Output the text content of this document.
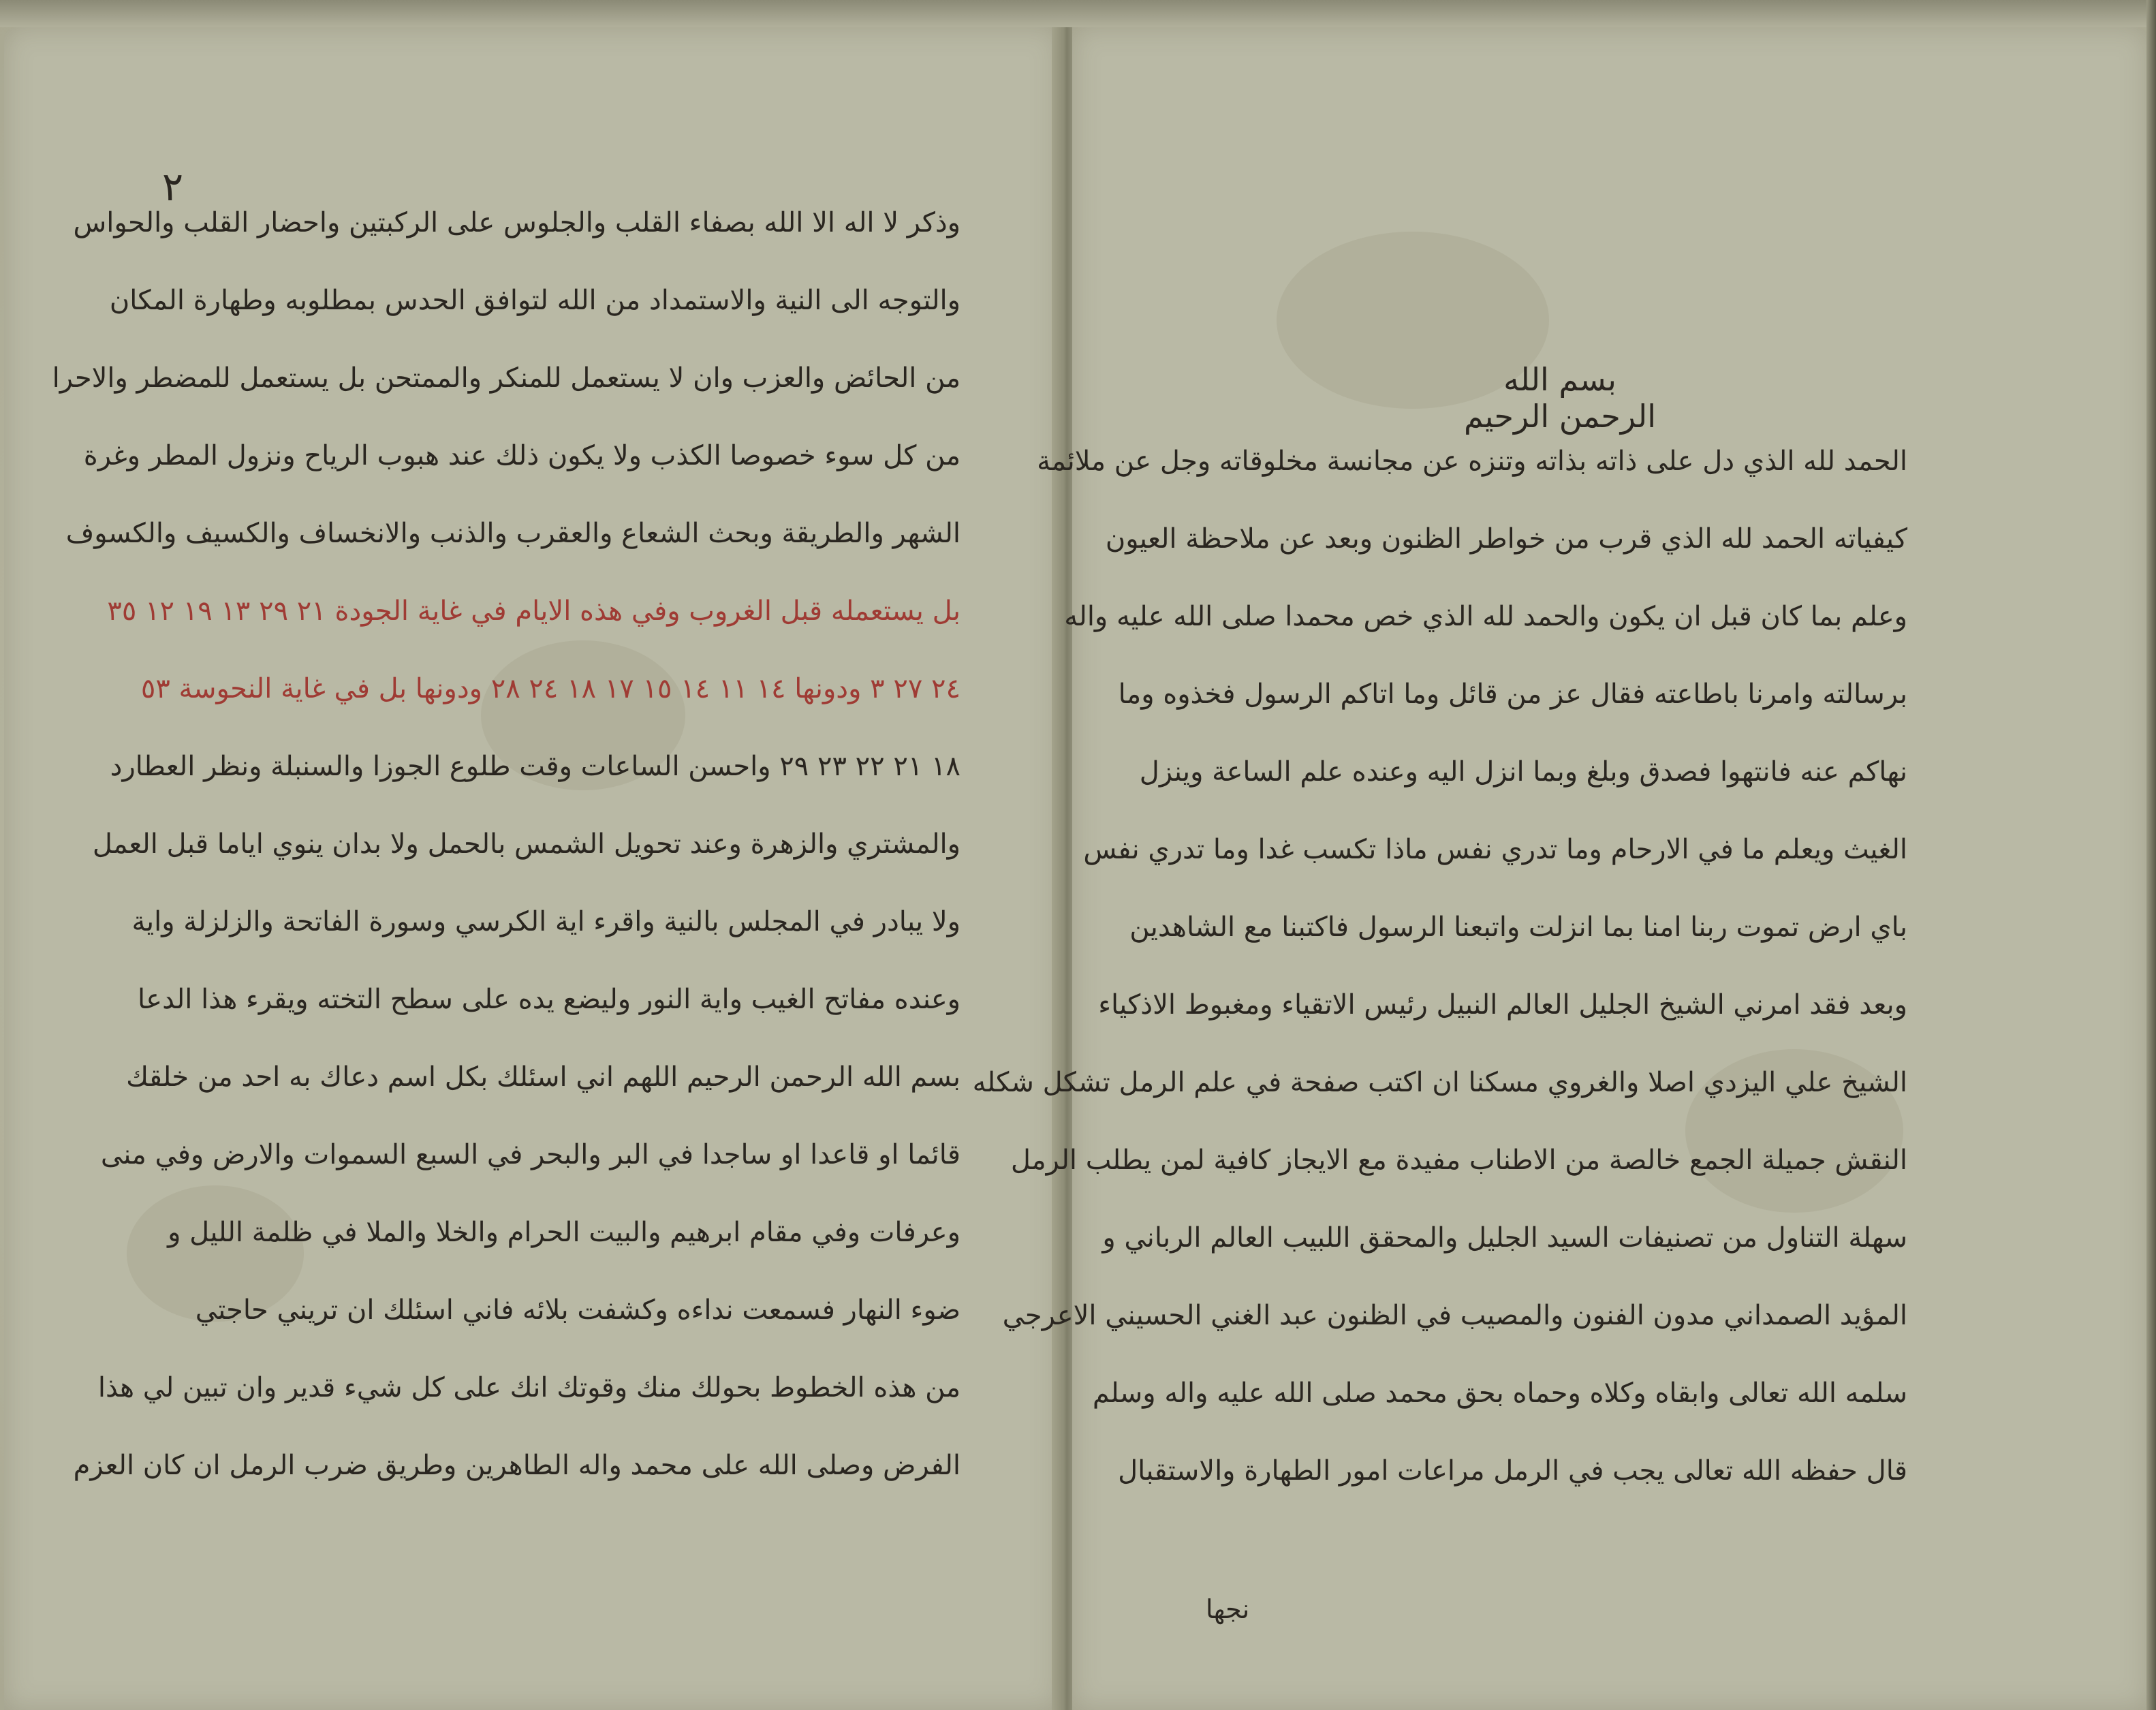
٢
وذكر لا اله الا الله بصفاء القلب والجلوس على الركبتين واحضار القلب والحواس
والتوجه الى النية والاستمداد من الله لتوافق الحدس بمطلوبه وطهارة المكان
من الحائض والعزب وان لا يستعمل للمنكر والممتحن بل يستعمل للمضطر والاحرا
من كل سوء خصوصا الكذب ولا يكون ذلك عند هبوب الرياح ونزول المطر وغرة
الشهر والطريقة وبحث الشعاع والعقرب والذنب والانخساف والكسيف والكسوف
بل يستعمله قبل الغروب وفي هذه الايام في غاية الجودة ٢١ ٢٩ ١٣ ١٩ ١٢ ٣٥
٢٤ ٢٧ ٣ ودونها ١٤ ١١ ١٤ ١٥ ١٧ ١٨ ٢٤ ٢٨ ودونها بل في غاية النحوسة ٥٣
١٨ ٢١ ٢٢ ٢٣ ٢٩ واحسن الساعات وقت طلوع الجوزا والسنبلة ونظر العطارد
والمشتري والزهرة وعند تحويل الشمس بالحمل ولا بدان ينوي اياما قبل العمل
ولا يبادر في المجلس بالنية واقرء اية الكرسي وسورة الفاتحة والزلزلة واية
وعنده مفاتح الغيب واية النور وليضع يده على سطح التخته ويقرء هذا الدعا
بسم الله الرحمن الرحيم اللهم اني اسئلك بكل اسم دعاك به احد من خلقك
قائما او قاعدا او ساجدا في البر والبحر في السبع السموات والارض وفي منى
وعرفات وفي مقام ابرهيم والبيت الحرام والخلا والملا في ظلمة الليل و
ضوء النهار فسمعت نداءه وكشفت بلائه فاني اسئلك ان تريني حاجتي
من هذه الخطوط بحولك منك وقوتك انك على كل شيء قدير وان تبين لي هذا
الفرض وصلى الله على محمد واله الطاهرين وطريق ضرب الرمل ان كان العزم
بسم الله الرحمن الرحيم
الحمد لله الذي دل على ذاته بذاته وتنزه عن مجانسة مخلوقاته وجل عن ملائمة
كيفياته الحمد لله الذي قرب من خواطر الظنون وبعد عن ملاحظة العيون
وعلم بما كان قبل ان يكون والحمد لله الذي خص محمدا صلى الله عليه واله
برسالته وامرنا باطاعته فقال عز من قائل وما اتاكم الرسول فخذوه وما
نهاكم عنه فانتهوا فصدق وبلغ وبما انزل اليه وعنده علم الساعة وينزل
الغيث ويعلم ما في الارحام وما تدري نفس ماذا تكسب غدا وما تدري نفس
باي ارض تموت ربنا امنا بما انزلت واتبعنا الرسول فاكتبنا مع الشاهدين
وبعد فقد امرني الشيخ الجليل العالم النبيل رئيس الاتقياء ومغبوط الاذكياء
الشيخ علي اليزدي اصلا والغروي مسكنا ان اكتب صفحة في علم الرمل تشكل شكله
النقش جميلة الجمع خالصة من الاطناب مفيدة مع الايجاز كافية لمن يطلب الرمل
سهلة التناول من تصنيفات السيد الجليل والمحقق اللبيب العالم الرباني و
المؤيد الصمداني مدون الفنون والمصيب في الظنون عبد الغني الحسيني الاعرجي
سلمه الله تعالى وابقاه وكلاه وحماه بحق محمد صلى الله عليه واله وسلم
قال حفظه الله تعالى يجب في الرمل مراعات امور الطهارة والاستقبال
نجها
